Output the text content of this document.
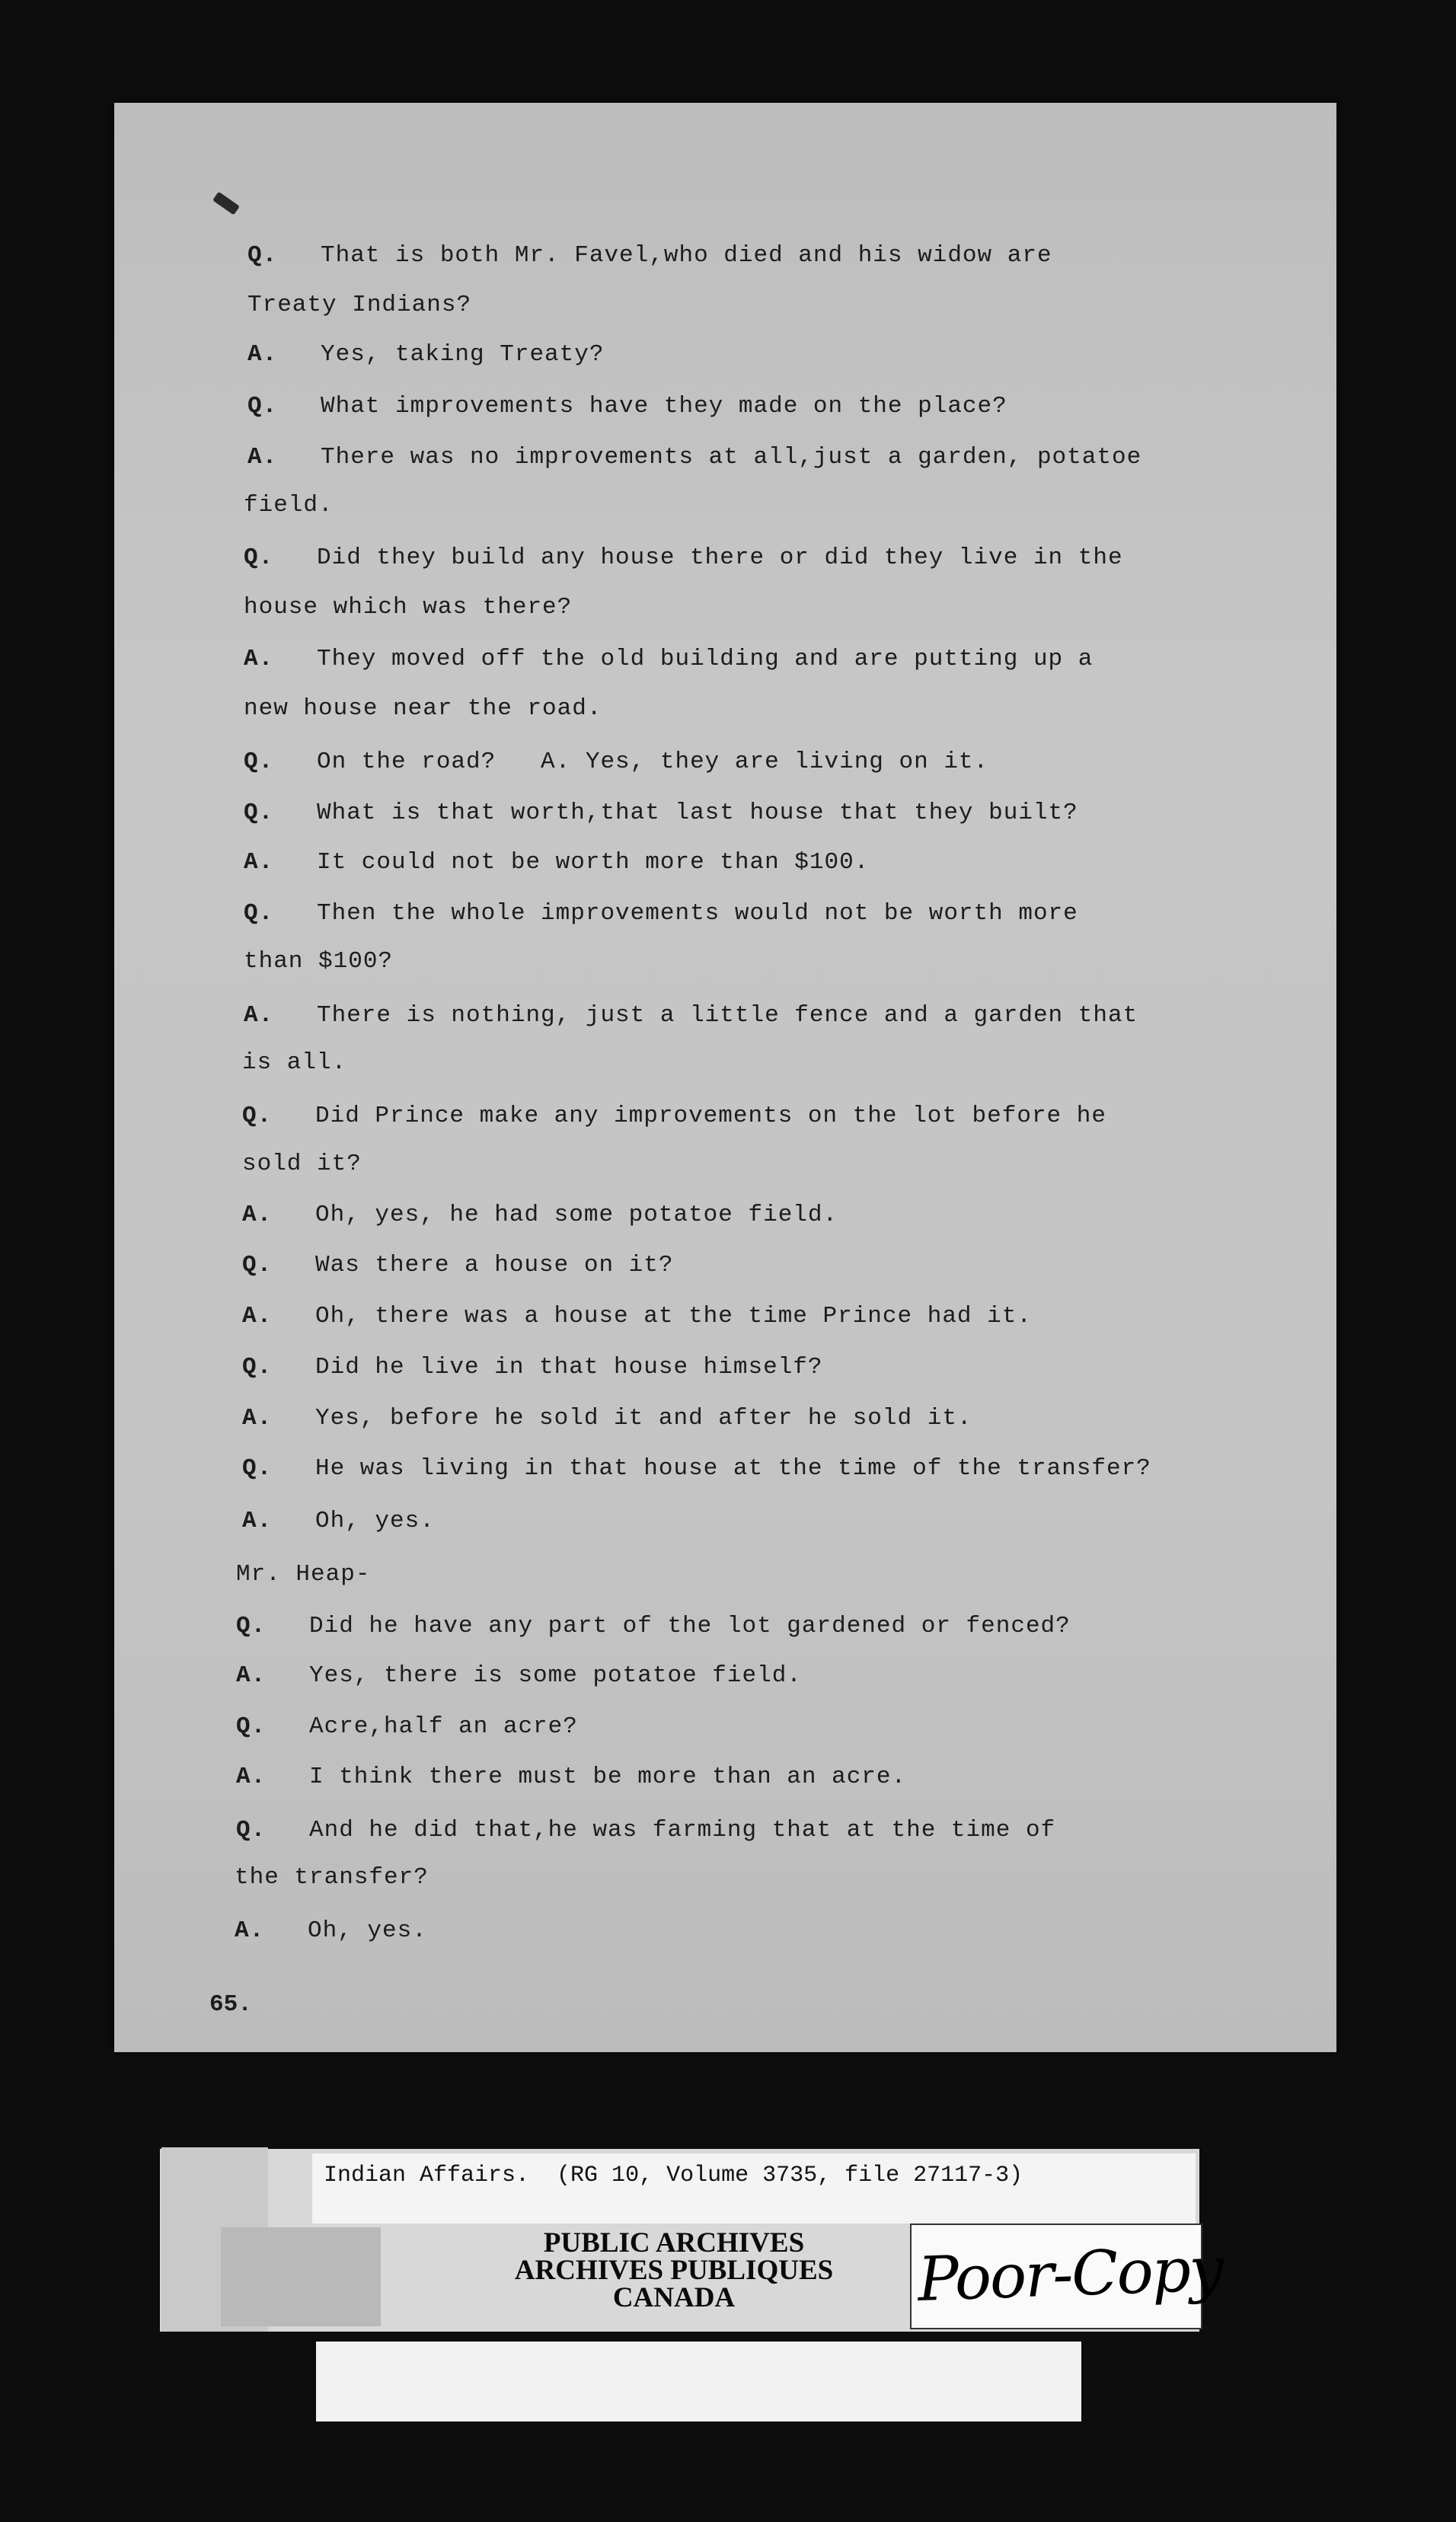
Q. That is both Mr. Favel,who died and his widow are
Treaty Indians?
A. Yes, taking Treaty?
Q. What improvements have they made on the place?
A. There was no improvements at all,just a garden, potatoe
field.
Q. Did they build any house there or did they live in the
house which was there?
A. They moved off the old building and are putting up a
new house near the road.
Q. On the road?   A. Yes, they are living on it.
Q. What is that worth,that last house that they built?
A. It could not be worth more than $100.
Q. Then the whole improvements would not be worth more
than $100?
A. There is nothing, just a little fence and a garden that
is all.
Q. Did Prince make any improvements on the lot before he
sold it?
A. Oh, yes, he had some potatoe field.
Q. Was there a house on it?
A. Oh, there was a house at the time Prince had it.
Q. Did he live in that house himself?
A. Yes, before he sold it and after he sold it.
Q. He was living in that house at the time of the transfer?
A. Oh, yes.
Mr. Heap-
Q. Did he have any part of the lot gardened or fenced?
A. Yes, there is some potatoe field.
Q. Acre,half an acre?
A. I think there must be more than an acre.
Q. And he did that,he was farming that at the time of
the transfer?
A. Oh, yes.
65.
Indian Affairs.  (RG 10, Volume 3735, file 27117-3)
PUBLIC ARCHIVES
ARCHIVES PUBLIQUES
CANADA	Poor-Copy
